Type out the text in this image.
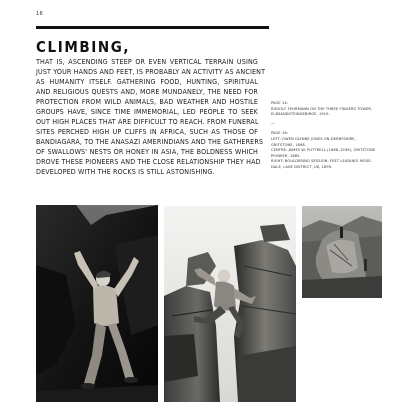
16
CLIMBING,
THAT IS, ASCENDING STEEP OR EVEN VERTICAL TERRAIN USING
JUST YOUR HANDS AND FEET, IS PROBABLY AN ACTIVITY AS ANCIENT
AS HUMANITY ITSELF. GATHERING FOOD, HUNTING, SPIRITUAL
AND RELIGIOUS QUESTS AND, MORE MUNDANELY, THE NEED FOR
PROTECTION FROM WILD ANIMALS, BAD WEATHER AND HOSTILE
GROUPS HAVE, SINCE TIME IMMEMORIAL, LED PEOPLE TO SEEK
OUT HIGH PLACES THAT ARE DIFFICULT TO REACH. FROM FUNERAL
SITES PERCHED HIGH UP CLIFFS IN AFRICA, SUCH AS THOSE OF
BANDIAGARA, TO THE ANASAZI AMERINDIANS AND THE GATHERERS
OF SWALLOWS' NESTS OR HONEY IN ASIA, THE BOLDNESS WHICH
DROVE THESE PIONEERS AND THE CLOSE RELATIONSHIP THEY HAD
DEVELOPED WITH THE ROCKS IS STILL ASTONISHING.
PAGE 14:
RUDOLF FEHRMANN ON THE THREE FINGERS TOWER,
ELBSANDSTEINGEBIRGE, 1919.
—
PAGE 16:
LEFT: OWEN GLYNNE JONES ON DERBYSHIRE,
GRITSTONE, 1898.
CENTRE: JAMES W. PUTTRELL (1868–1939), GRITSTONE
PIONEER, 1885.
RIGHT: BOULDERING SESSION, FEET LEADING! MOSE-
DALE, LAKE DISTRICT, UK, 1895.
